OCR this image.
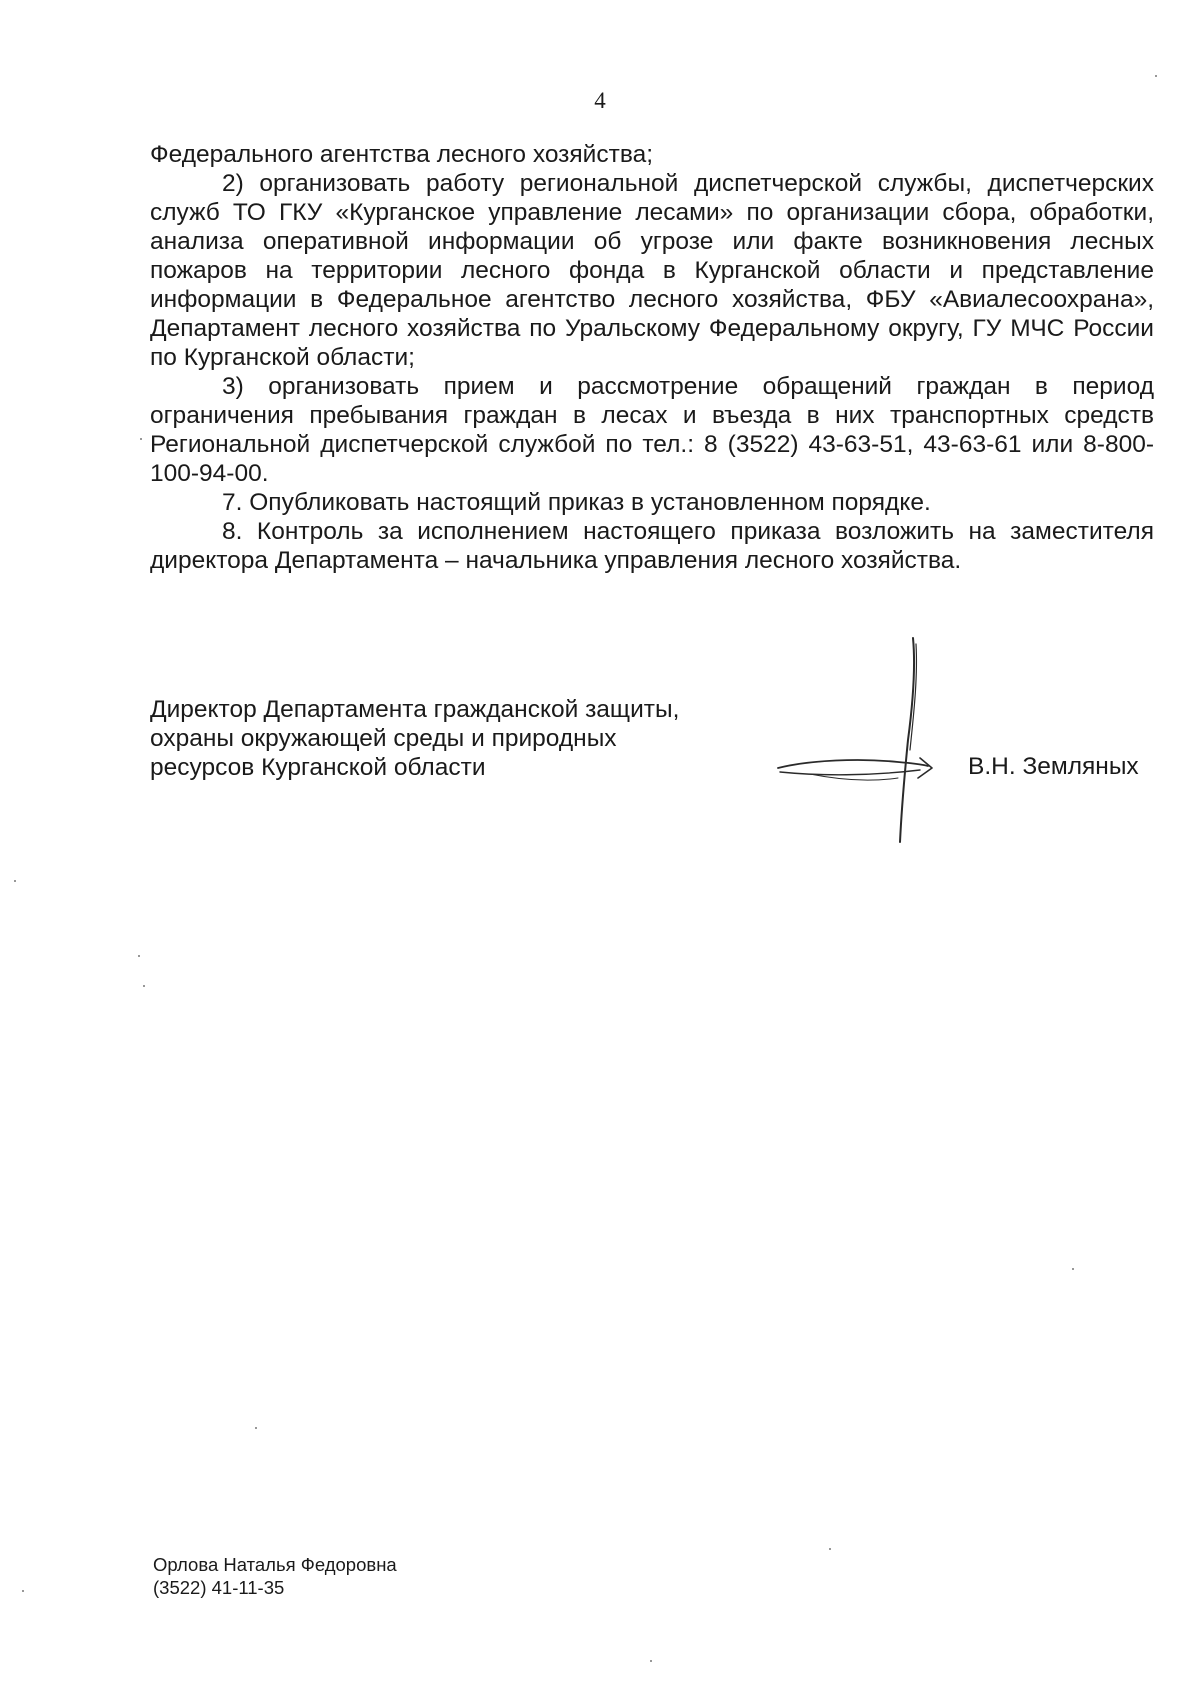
4

Федерального агентства лесного хозяйства;

2) организовать работу региональной диспетчерской службы, диспетчерских служб ТО ГКУ «Курганское управление лесами» по организации сбора, обработки, анализа оперативной информации об угрозе или факте возникновения лесных пожаров на территории лесного фонда в Курганской области и представление информации в Федеральное агентство лесного хозяйства, ФБУ «Авиалесоохрана», Департамент лесного хозяйства по Уральскому Федеральному округу, ГУ МЧС России по Курганской области;

3) организовать прием и рассмотрение обращений граждан в период ограничения пребывания граждан в лесах и въезда в них транспортных средств Региональной диспетчерской службой по тел.: 8 (3522) 43-63-51, 43-63-61 или 8-800-100-94-00.

7. Опубликовать настоящий приказ в установленном порядке.

8. Контроль за исполнением настоящего приказа возложить на заместителя директора Департамента – начальника управления лесного хозяйства.

Директор Департамента гражданской защиты,
охраны окружающей среды и природных
ресурсов Курганской области	В.Н. Земляных
Орлова Наталья Федоровна
(3522) 41-11-35
